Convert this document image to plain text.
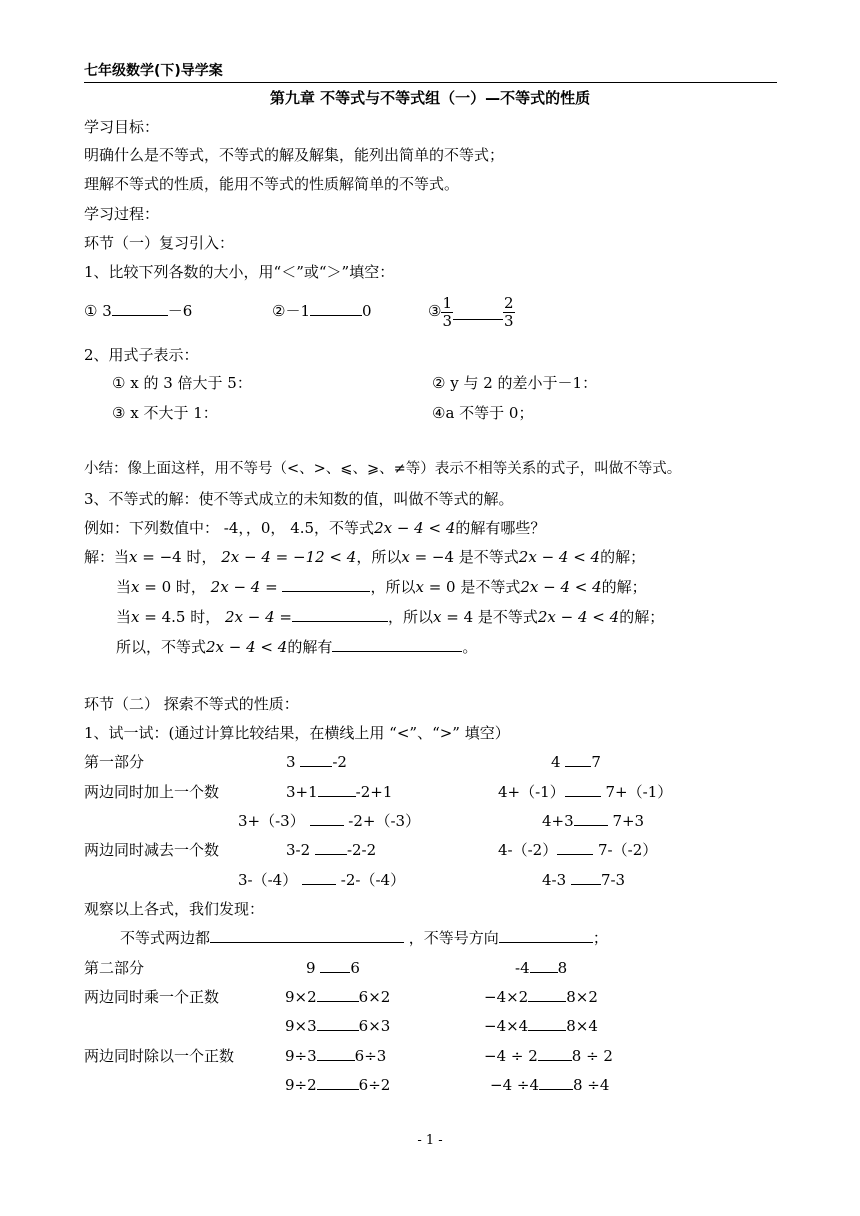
七年级数学(下)导学案
第九章 不等式与不等式组（一）—不等式的性质
学习目标：
明确什么是不等式，不等式的解及解集，能列出简单的不等式；
理解不等式的性质，能用不等式的性质解简单的不等式。
学习过程：
环节（一）复习引入：
1、比较下列各数的大小，用“＜”或“＞”填空：
① 3	－6	②－1	0	③ $\frac{1}{3}$	$\frac{2}{3}$
2、用式子表示：
① x 的 3 倍大于 5：	② y 与 2 的差小于－1：
③ x 不大于 1：	④a 不等于 0；
小结：像上面这样，用不等号（<、>、⩽、⩾、≠等）表示不相等关系的式子，叫做不等式。
3、不等式的解：使不等式成立的未知数的值，叫做不等式的解。
例如：下列数值中： -4，，0， 4.5，不等式2x − 4 < 4的解有哪些？
解：当x = −4 时， 2x − 4 = −12 < 4，所以x = −4 是不等式2x − 4 < 4的解；
当x = 0 时， 2x − 4 =	，所以x = 0 是不等式2x − 4 < 4的解；
当x = 4.5 时， 2x − 4 =	，所以x = 4 是不等式2x − 4 < 4的解；
所以，不等式2x − 4 < 4的解有	。
环节（二） 探索不等式的性质：
1、试一试：(通过计算比较结果，在横线上用 “<”、“>” 填空）
第一部分	3 -2	4 7
两边同时加上一个数	3+1	-2+1	4+（-1）	7+（-1）
3+（-3）	-2+（-3）	4+3	7+3
两边同时减去一个数	3-2 -2-2	4-（-2）	7-（-2）
3-（-4）	-2-（-4）	4-3 7-3
观察以上各式，我们发现：
不等式两边都	，不等号方向	；
第二部分	9 6	-4 8
两边同时乘一个正数	9×2	6×2	−4×2	8×2
9×3	6×3	−4×4	8×4
两边同时除以一个正数	9÷3	6÷3	−4 ÷ 2 8 ÷ 2
9÷2	6÷2	−4 ÷4 8 ÷4
- 1 -
